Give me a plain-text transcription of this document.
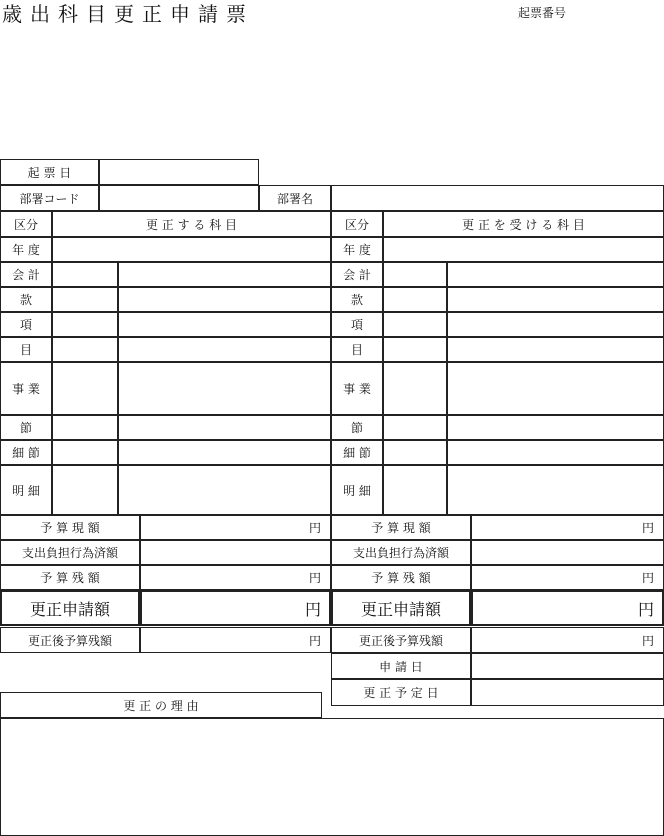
歳出科目更正申請票	起票番号
起 票 日
部署コード	部署名
区分	更 正 す る 科 目	区分	更 正 を 受 け る 科 目
年 度	年 度
会 計	会 計
款	款
項	項
目	目
事 業	事 業
節	節
細 節	細 節
明 細	明 細
予 算 現 額	円	予 算 現 額	円
支出負担行為済額	支出負担行為済額
予 算 残 額	円	予 算 残 額	円
更正申請額	円	更正申請額	円
更正後予算残額	円	更正後予算残額	円
申 請 日
更 正 予 定 日
更 正 の 理 由
